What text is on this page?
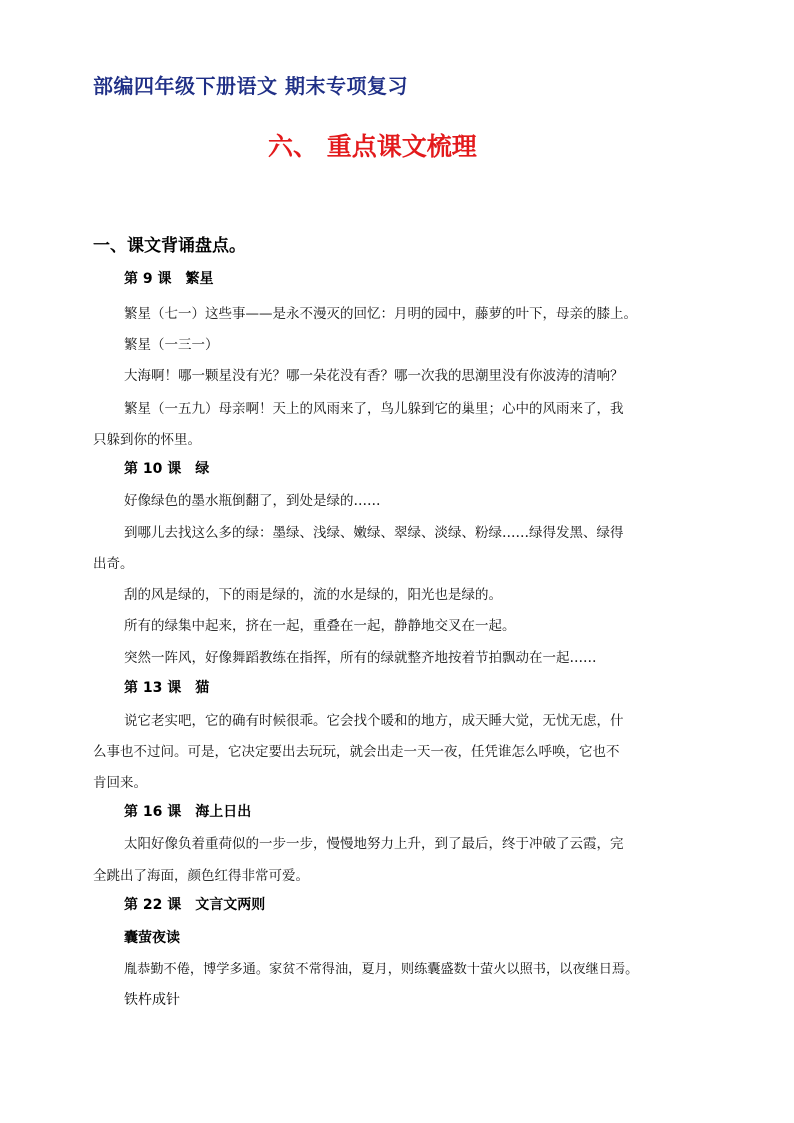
部编四年级下册语文 期末专项复习
六、 重点课文梳理
一、课文背诵盘点。
第 9 课 繁星
繁星（七一）这些事——是永不漫灭的回忆：月明的园中，藤萝的叶下，母亲的膝上。
繁星（一三一）
大海啊！哪一颗星没有光？哪一朵花没有香？哪一次我的思潮里没有你波涛的清响？
繁星（一五九）母亲啊！天上的风雨来了，鸟儿躲到它的巢里；心中的风雨来了，我
只躲到你的怀里。
第 10 课 绿
好像绿色的墨水瓶倒翻了，到处是绿的……
到哪儿去找这么多的绿：墨绿、浅绿、嫩绿、翠绿、淡绿、粉绿……绿得发黑、绿得
出奇。
刮的风是绿的，下的雨是绿的，流的水是绿的，阳光也是绿的。
所有的绿集中起来，挤在一起，重叠在一起，静静地交叉在一起。
突然一阵风，好像舞蹈教练在指挥，所有的绿就整齐地按着节拍飘动在一起……
第 13 课 猫
说它老实吧，它的确有时候很乖。它会找个暖和的地方，成天睡大觉，无忧无虑，什
么事也不过问。可是，它决定要出去玩玩，就会出走一天一夜，任凭谁怎么呼唤，它也不
肯回来。
第 16 课 海上日出
太阳好像负着重荷似的一步一步，慢慢地努力上升，到了最后，终于冲破了云霞，完
全跳出了海面，颜色红得非常可爱。
第 22 课 文言文两则
囊萤夜读
胤恭勤不倦，博学多通。家贫不常得油，夏月，则练囊盛数十萤火以照书，以夜继日焉。
铁杵成针
